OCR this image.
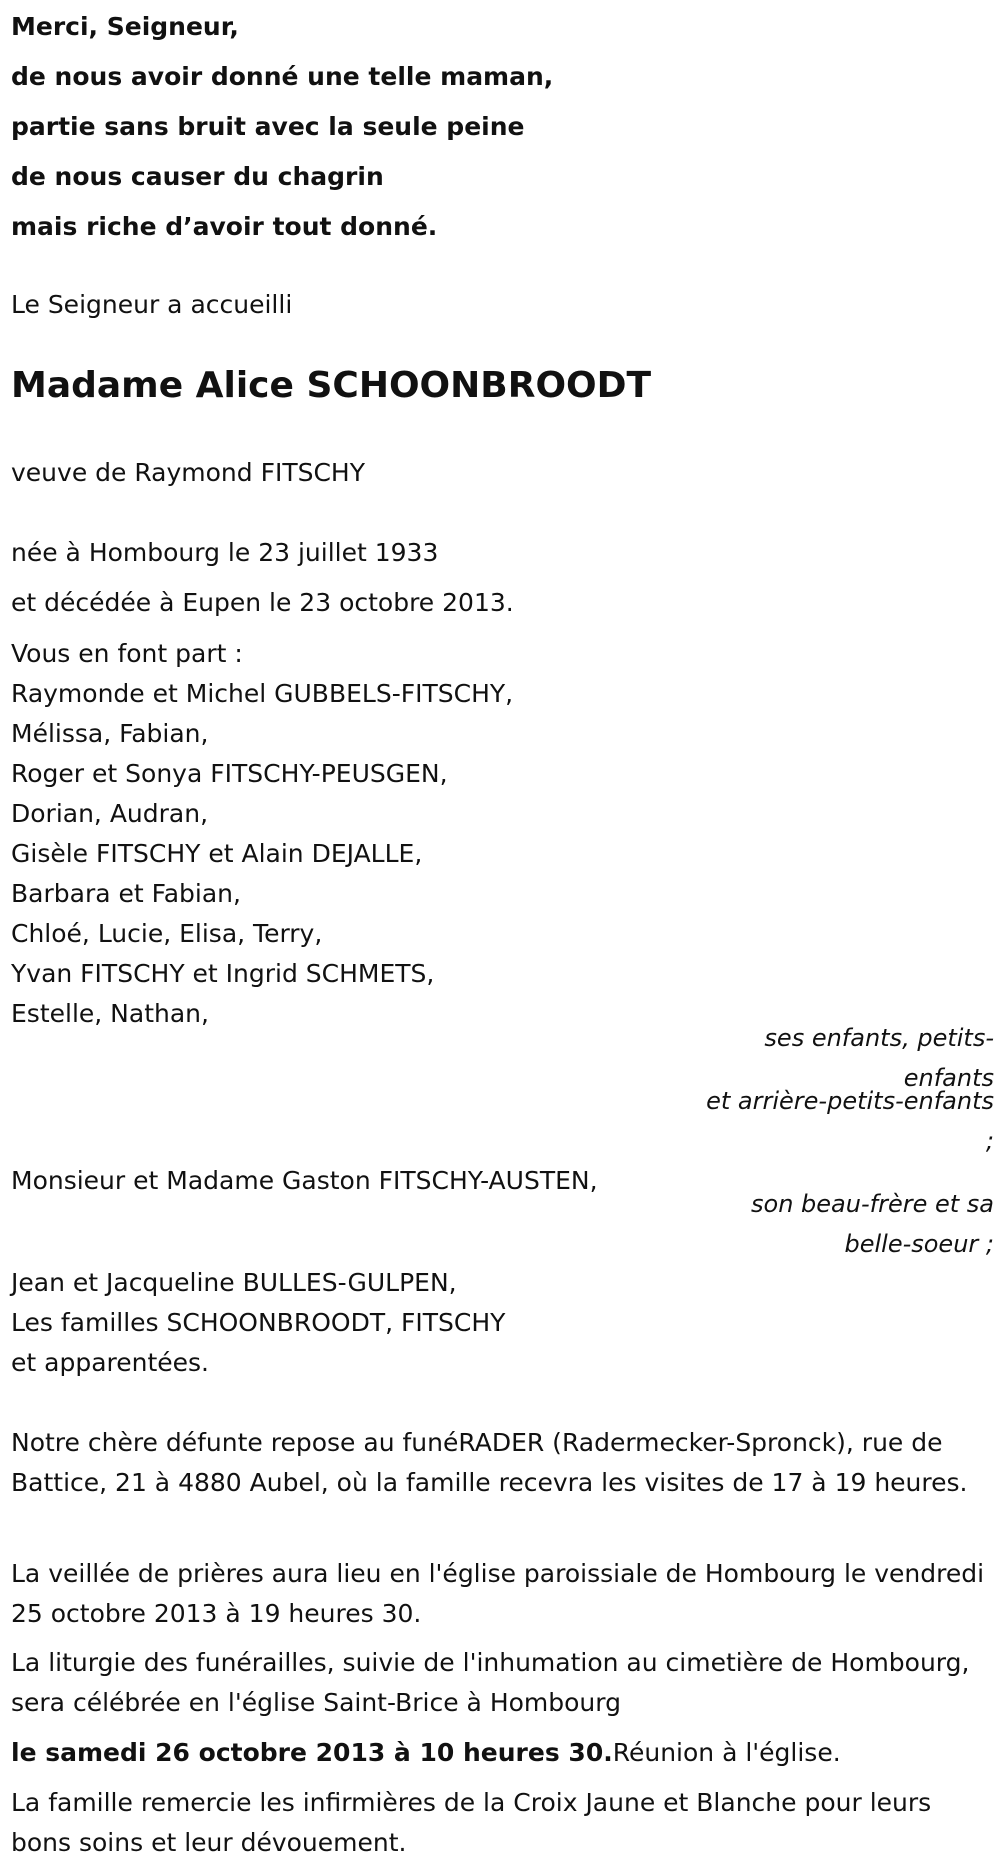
Merci, Seigneur,
de nous avoir donné une telle maman,
partie sans bruit avec la seule peine
de nous causer du chagrin
mais riche d’avoir tout donné.

Le Seigneur a accueilli

Madame Alice SCHOONBROODT

veuve de Raymond FITSCHY

née à Hombourg le 23 juillet 1933

et décédée à Eupen le 23 octobre 2013.

Vous en font part :
Raymonde et Michel GUBBELS-FITSCHY,
Mélissa, Fabian,
Roger et Sonya FITSCHY-PEUSGEN,
Dorian, Audran,
Gisèle FITSCHY et Alain DEJALLE,
Barbara et Fabian,
Chloé, Lucie, Elisa, Terry,
Yvan FITSCHY et Ingrid SCHMETS,
Estelle, Nathan,

ses enfants, petits-enfants

et arrière-petits-enfants ;

Monsieur et Madame Gaston FITSCHY-AUSTEN,

son beau-frère et sa belle-soeur ;

Jean et Jacqueline BULLES-GULPEN,
Les familles SCHOONBROODT, FITSCHY
et apparentées.

Notre chère défunte repose au funéRADER (Radermecker-Spronck), rue de Battice, 21 à 4880 Aubel, où la famille recevra les visites de 17 à 19 heures.

La veillée de prières aura lieu en l'église paroissiale de Hombourg le vendredi 25 octobre 2013 à 19 heures 30.

La liturgie des funérailles, suivie de l'inhumation au cimetière de Hombourg, sera célébrée en l'église Saint-Brice à Hombourg

le samedi 26 octobre 2013 à 10 heures 30.Réunion à l'église.

La famille remercie les infirmières de la Croix Jaune et Blanche pour leurs bons soins et leur dévouement.
